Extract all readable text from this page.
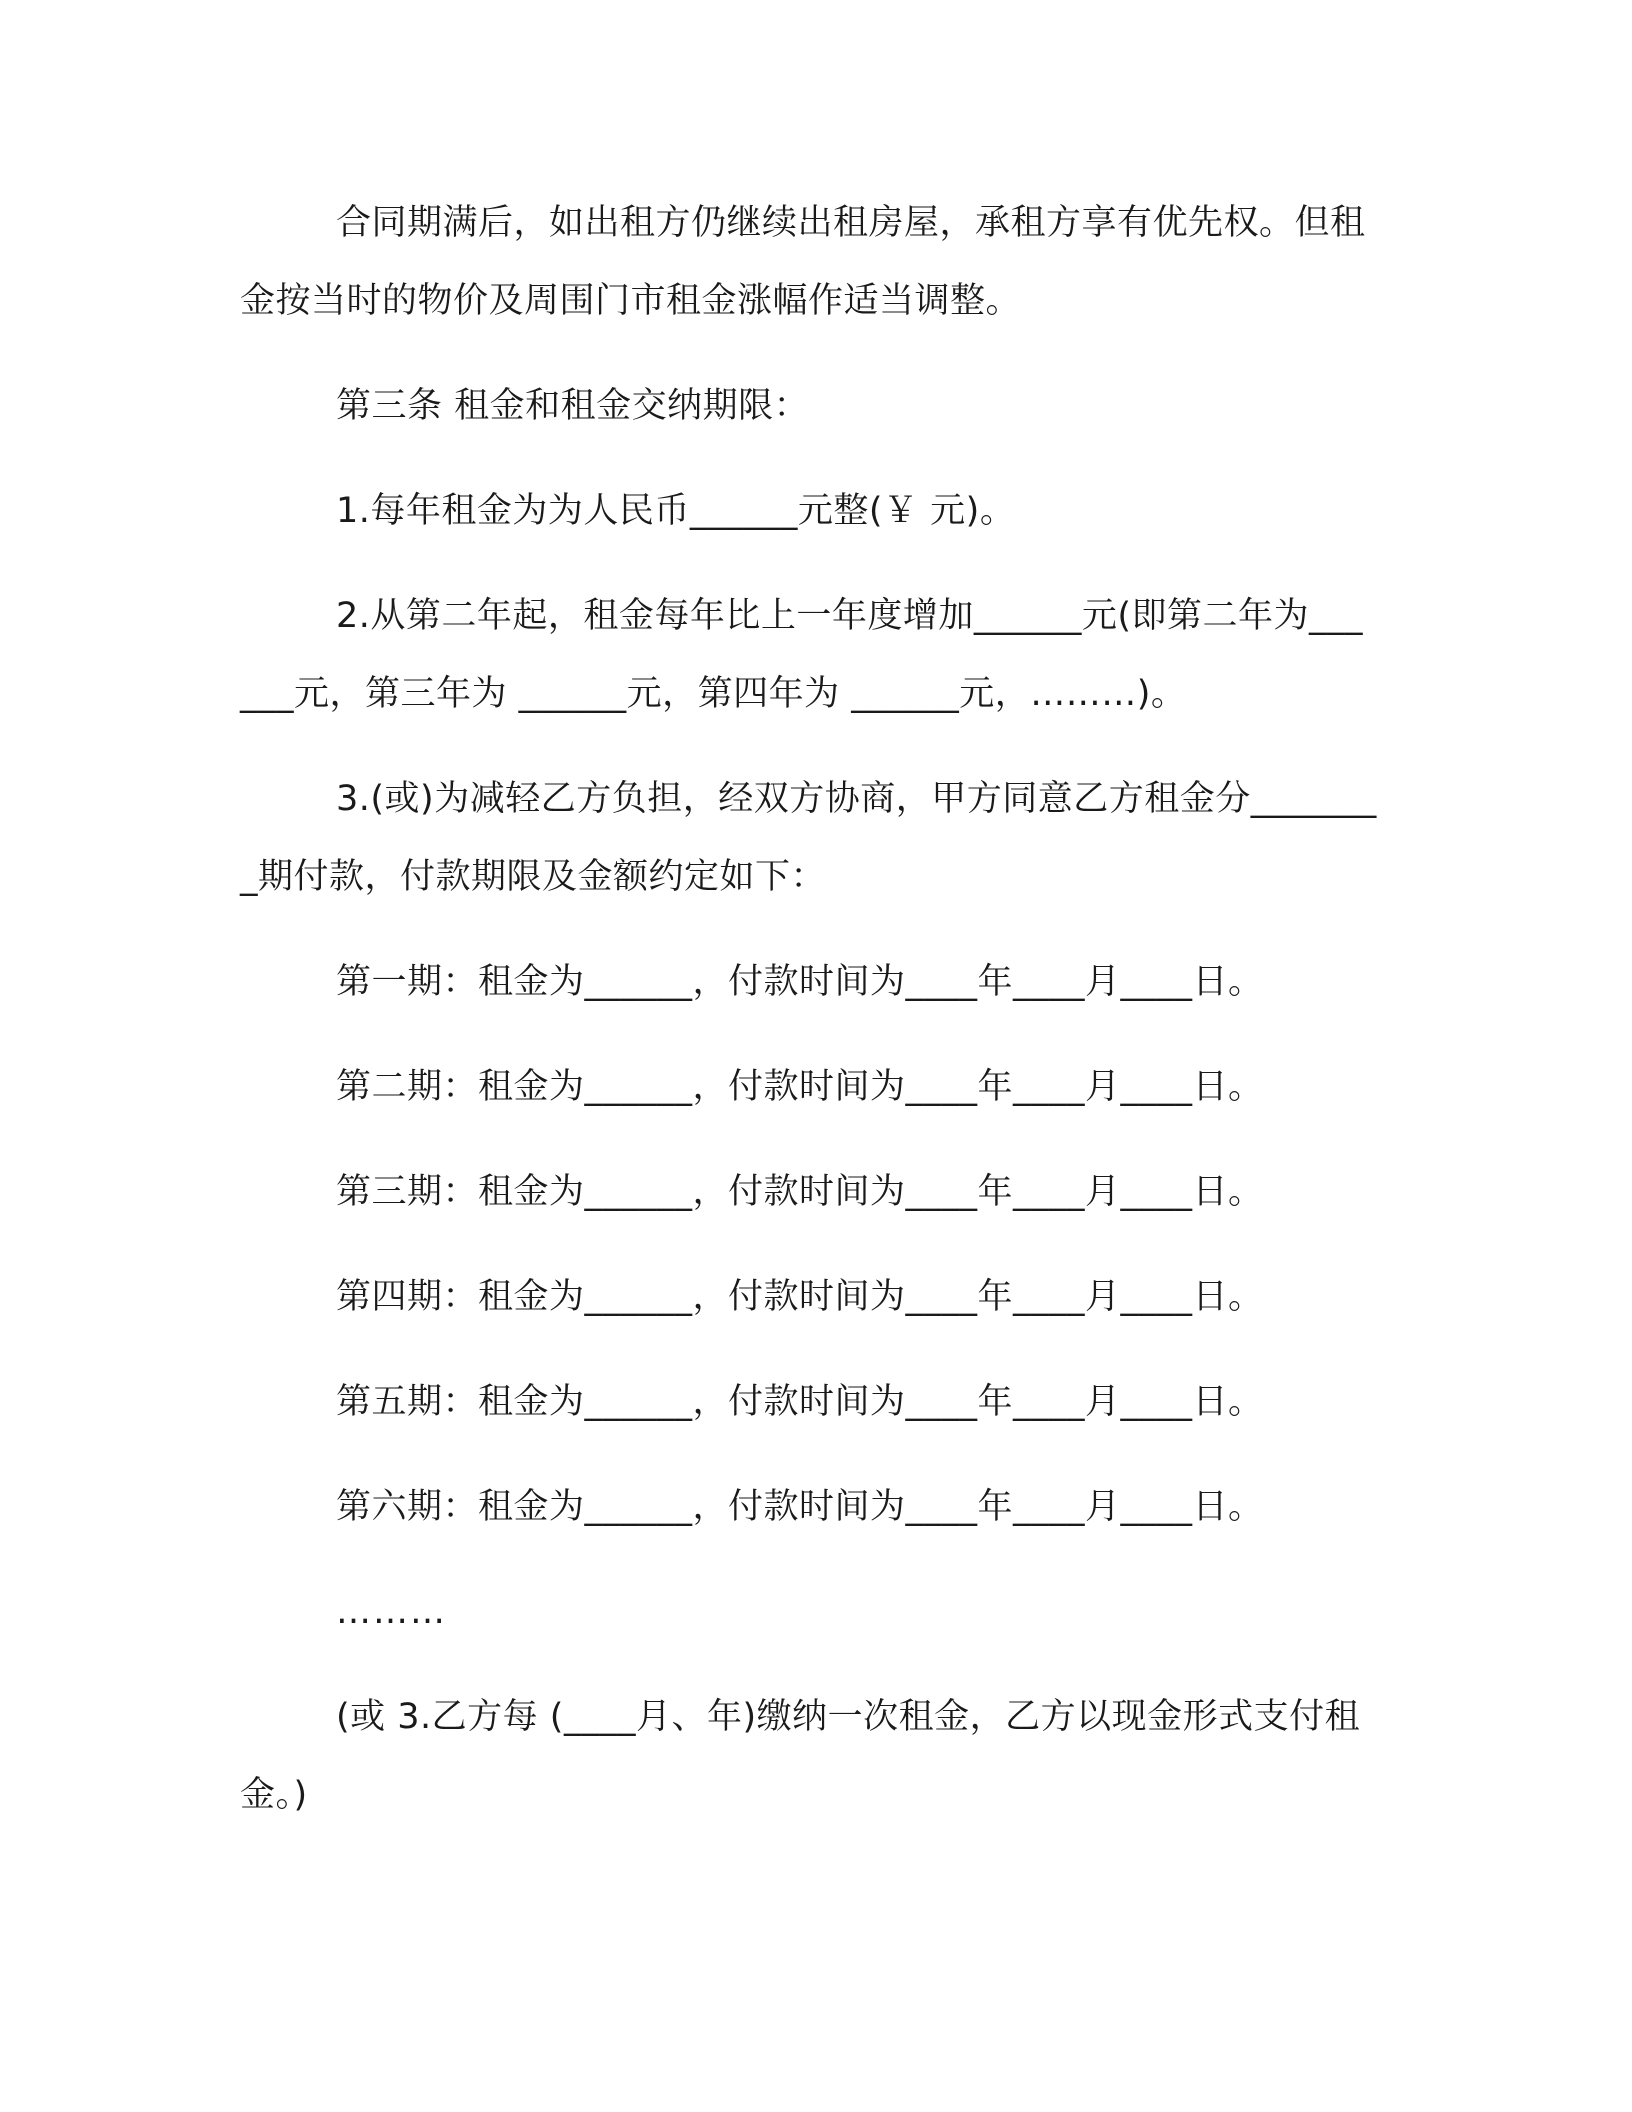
合同期满后，如出租方仍继续出租房屋，承租方享有优先权。但租金按当时的物价及周围门市租金涨幅作适当调整。

第三条 租金和租金交纳期限：

1.每年租金为为人民币______元整(￥ 元)。

2.从第二年起，租金每年比上一年度增加______元(即第二年为______元，第三年为 ______元，第四年为 ______元，………)。

3.(或)为减轻乙方负担，经双方协商，甲方同意乙方租金分________期付款，付款期限及金额约定如下：

第一期：租金为______，付款时间为____年____月____日。

第二期：租金为______，付款时间为____年____月____日。

第三期：租金为______，付款时间为____年____月____日。

第四期：租金为______，付款时间为____年____月____日。

第五期：租金为______，付款时间为____年____月____日。

第六期：租金为______，付款时间为____年____月____日。

………

(或 3.乙方每 (____月、年)缴纳一次租金，乙方以现金形式支付租金。)
